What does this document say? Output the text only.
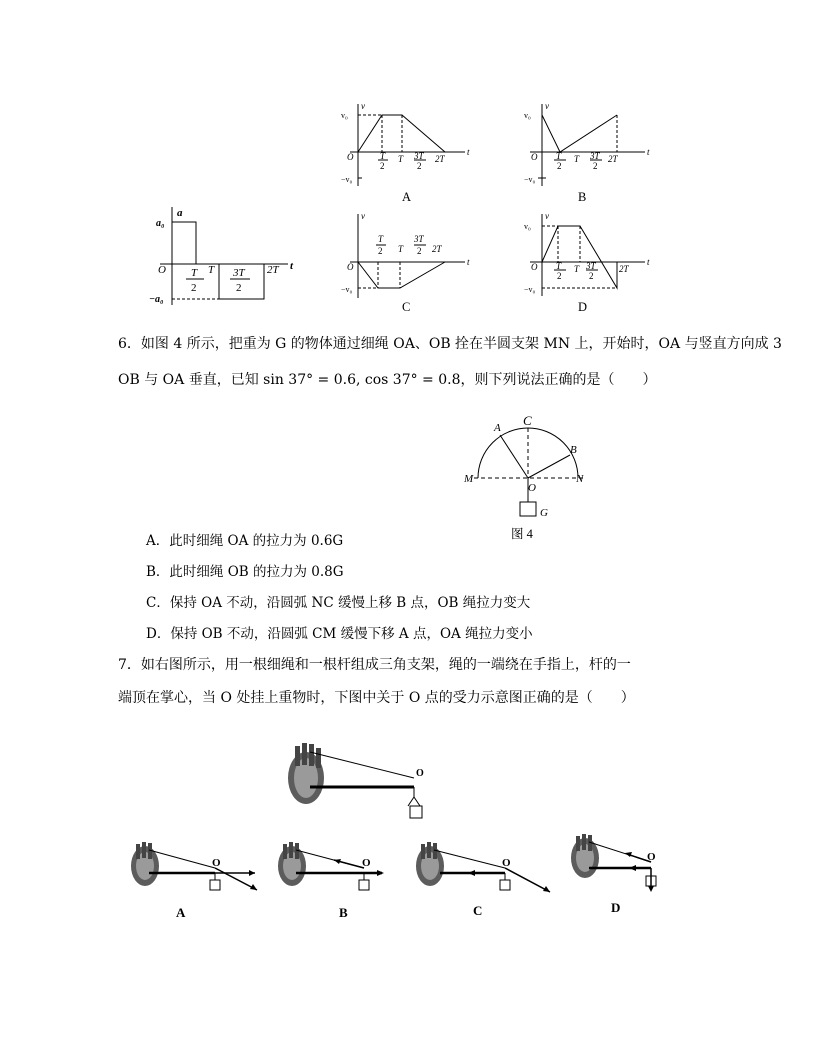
v
v₀
t
O
−v₀
T
2
T 3T
2
2T
A
v
v₀
t
O
−v₀
T
2
T 3T
2
2T
B
a
a₀
t
O
−a₀
T
2
T 3T
2
2T
v
t
O
−v₀
T
2 T
3T
2 2T
C
v
v₀
t
O
−v₀
T
2
T 3T
2
2T
D
6．如图 4 所示，把重为 G 的物体通过细绳 OA、OB 拴在半圆支架 MN 上，开始时，OA 与竖直方向成 3
OB 与 OA 垂直，已知 sin 37° = 0.6, cos 37° = 0.8，则下列说法正确的是（　　）
A C
B
M	N
O
G
图 4
A．此时细绳 OA 的拉力为 0.6G
B．此时细绳 OB 的拉力为 0.8G
C．保持 OA 不动，沿圆弧 NC 缓慢上移 B 点，OB 绳拉力变大
D．保持 OB 不动，沿圆弧 CM 缓慢下移 A 点，OA 绳拉力变小
7．如右图所示，用一根细绳和一根杆组成三角支架，绳的一端绕在手指上，杆的一
端顶在掌心，当 O 处挂上重物时，下图中关于 O 点的受力示意图正确的是（　　）
O
O
A
O
B
O
C
O
D
